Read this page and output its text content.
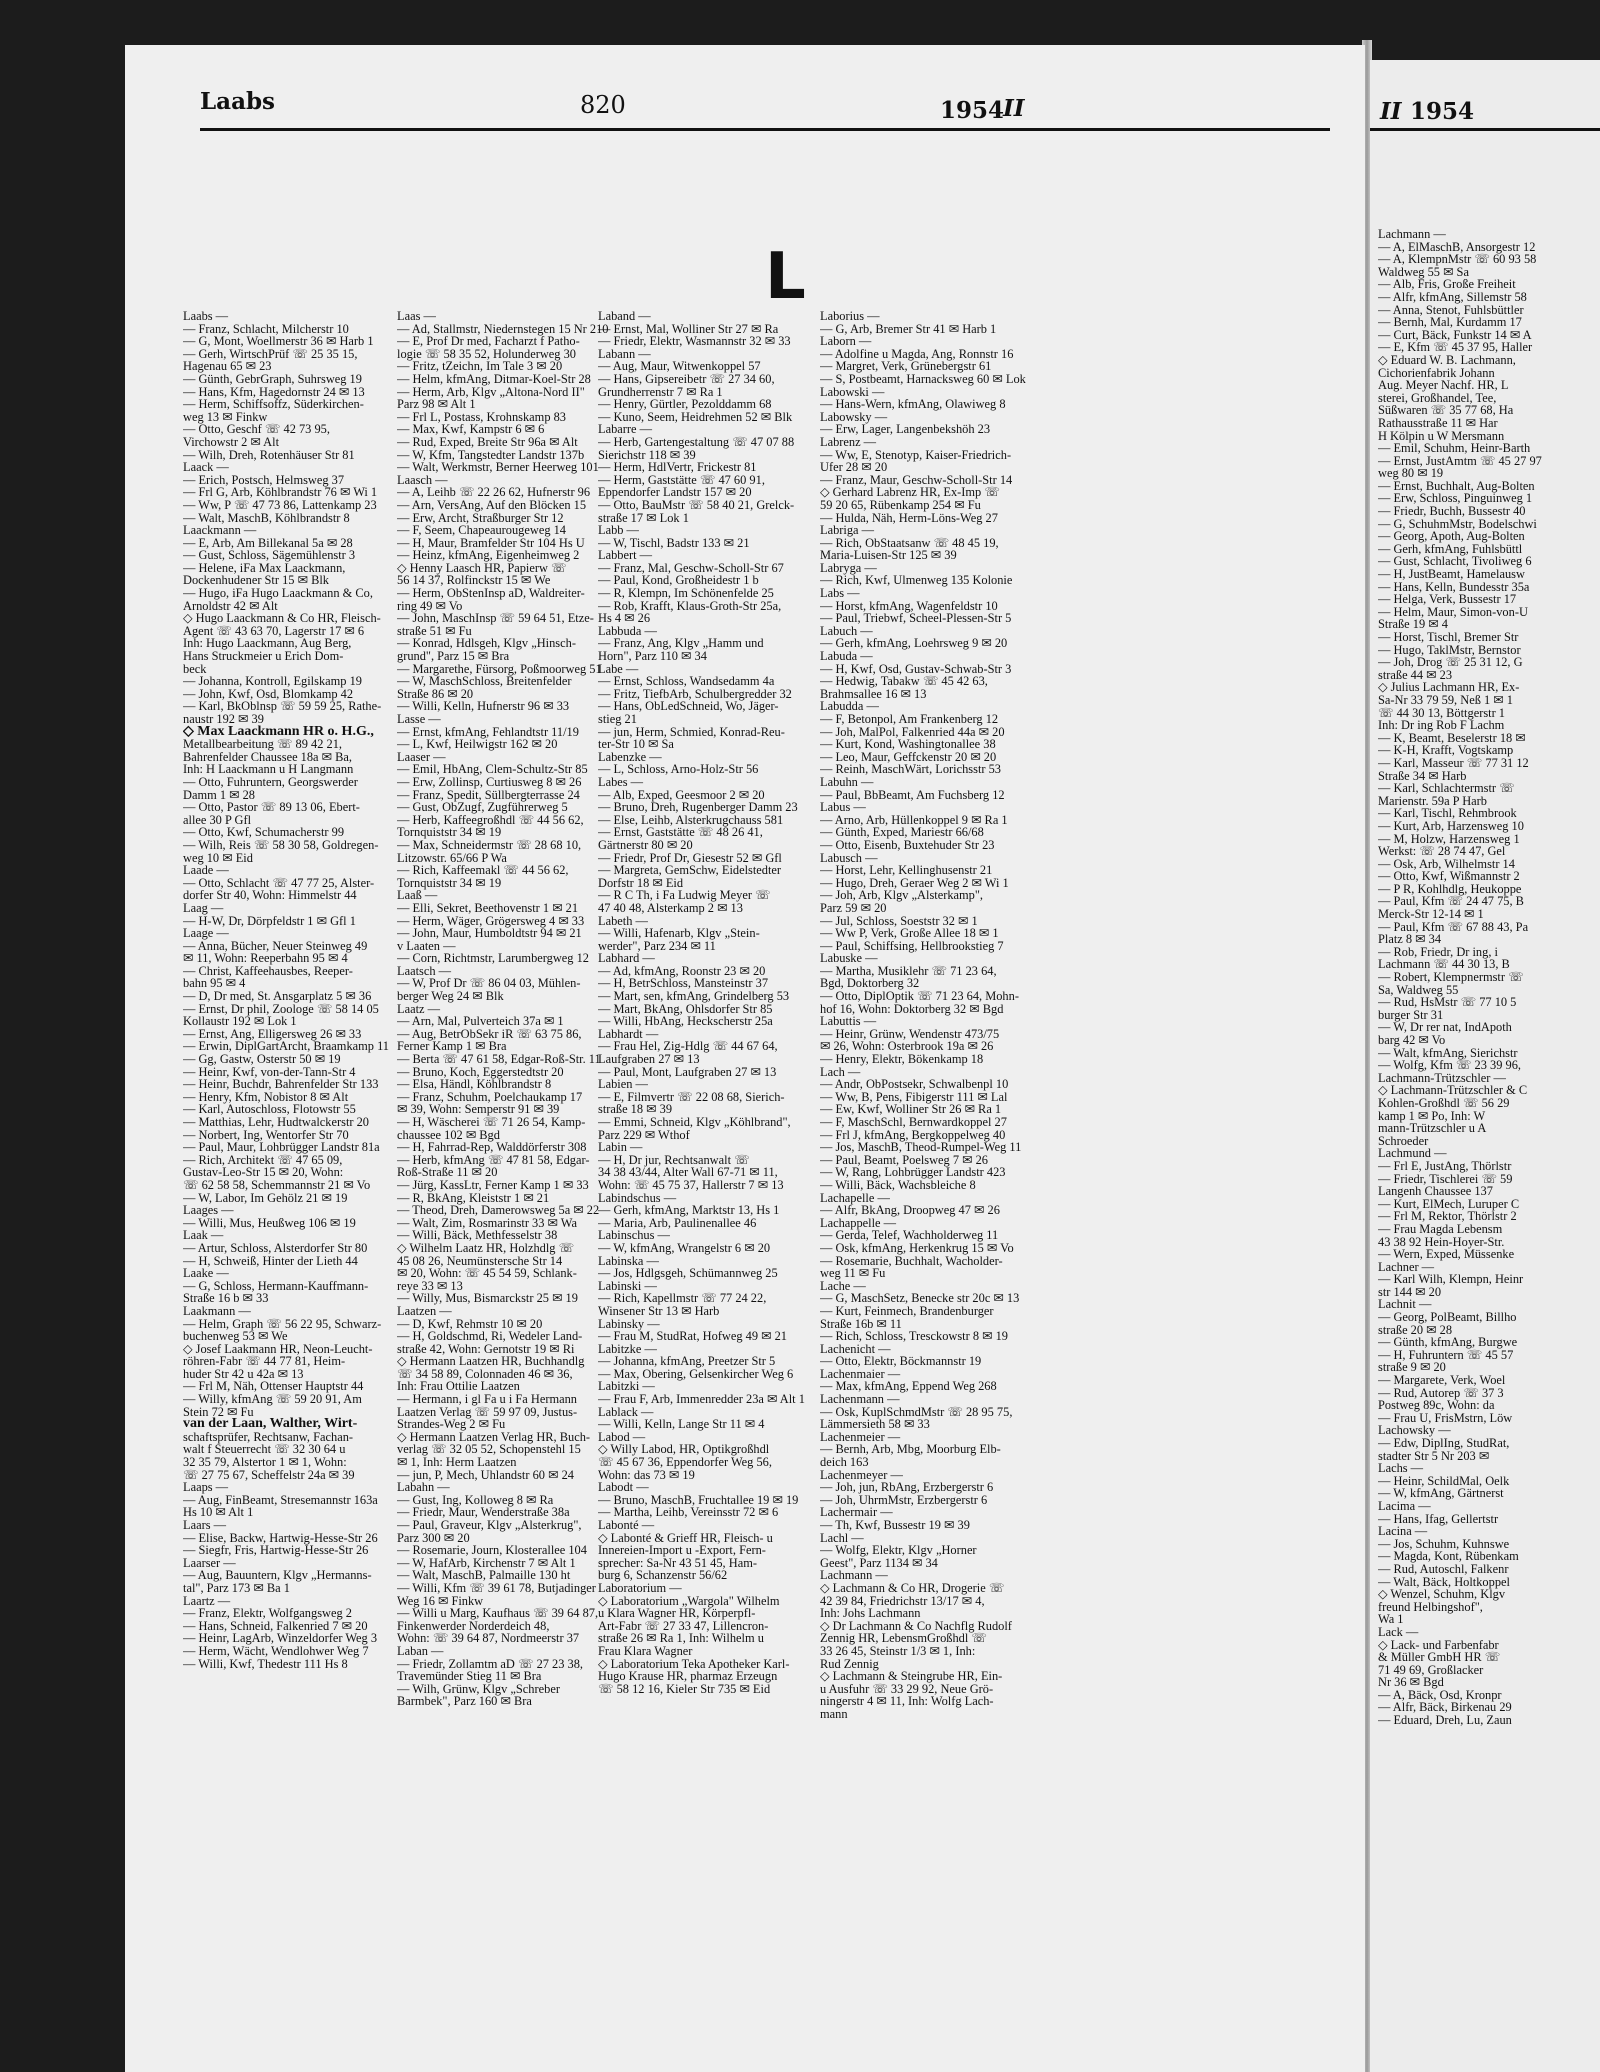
Laabs	820	1954
II
L

Laabs —

— Franz, Schlacht, Milcherstr 10

— G, Mont, Woellmerstr 36 ✉ Harb 1

— Gerh, WirtschPrüf ☏ 25 35 15,

Hagenau 65 ✉ 23

— Günth, GebrGraph, Suhrsweg 19

— Hans, Kfm, Hagedornstr 24 ✉ 13

— Herm, Schiffsoffz, Süderkirchen-

weg 13 ✉ Finkw

— Otto, Geschf ☏ 42 73 95,

Virchowstr 2 ✉ Alt

— Wilh, Dreh, Rotenhäuser Str 81

Laack —

— Erich, Postsch, Helmsweg 37

— Frl G, Arb, Köhlbrandstr 76 ✉ Wi 1

— Ww, P ☏ 47 73 86, Lattenkamp 23

— Walt, MaschB, Köhlbrandstr 8

Laackmann —

— E, Arb, Am Billekanal 5a ✉ 28

— Gust, Schloss, Sägemühlenstr 3

— Helene, iFa Max Laackmann,

Dockenhudener Str 15 ✉ Blk

— Hugo, iFa Hugo Laackmann & Co,

Arnoldstr 42 ✉ Alt

◇ Hugo Laackmann & Co HR, Fleisch-

Agent ☏ 43 63 70, Lagerstr 17 ✉ 6

Inh: Hugo Laackmann, Aug Berg,

Hans Struckmeier u Erich Dom-

beck

— Johanna, Kontroll, Egilskamp 19

— John, Kwf, Osd, Blomkamp 42

— Karl, BkOblnsp ☏ 59 59 25, Rathe-

naustr 192 ✉ 39

◇ Max Laackmann HR o. H.G.,

Metallbearbeitung ☏ 89 42 21,

Bahrenfelder Chaussee 18a ✉ Ba,

Inh: H Laackmann u H Langmann

— Otto, Fuhruntern, Georgswerder

Damm 1 ✉ 28

— Otto, Pastor ☏ 89 13 06, Ebert-

allee 30 P Gfl

— Otto, Kwf, Schumacherstr 99

— Wilh, Reis ☏ 58 30 58, Goldregen-

weg 10 ✉ Eid

Laade —

— Otto, Schlacht ☏ 47 77 25, Alster-

dorfer Str 40, Wohn: Himmelstr 44

Laag —

— H-W, Dr, Dörpfeldstr 1 ✉ Gfl 1

Laage —

— Anna, Bücher, Neuer Steinweg 49

✉ 11, Wohn: Reeperbahn 95 ✉ 4

— Christ, Kaffeehausbes, Reeper-

bahn 95 ✉ 4

— D, Dr med, St. Ansgarplatz 5 ✉ 36

— Ernst, Dr phil, Zoologe ☏ 58 14 05

Kollaustr 192 ✉ Lok 1

— Ernst, Ang, Elligersweg 26 ✉ 33

— Erwin, DiplGartArcht, Braamkamp 11

— Gg, Gastw, Osterstr 50 ✉ 19

— Heinr, Kwf, von-der-Tann-Str 4

— Heinr, Buchdr, Bahrenfelder Str 133

— Henry, Kfm, Nobistor 8 ✉ Alt

— Karl, Autoschloss, Flotowstr 55

— Matthias, Lehr, Hudtwalckerstr 20

— Norbert, Ing, Wentorfer Str 70

— Paul, Maur, Lohbrügger Landstr 81a

— Rich, Architekt ☏ 47 65 09,

Gustav-Leo-Str 15 ✉ 20, Wohn:

☏ 62 58 58, Schemmannstr 21 ✉ Vo

— W, Labor, Im Gehölz 21 ✉ 19

Laages —

— Willi, Mus, Heußweg 106 ✉ 19

Laak —

— Artur, Schloss, Alsterdorfer Str 80

— H, Schweiß, Hinter der Lieth 44

Laake —

— G, Schloss, Hermann-Kauffmann-

Straße 16 b ✉ 33

Laakmann —

— Helm, Graph ☏ 56 22 95, Schwarz-

buchenweg 53 ✉ We

◇ Josef Laakmann HR, Neon-Leucht-

röhren-Fabr ☏ 44 77 81, Heim-

huder Str 42 u 42a ✉ 13

— Frl M, Näh, Ottenser Hauptstr 44

— Willy, kfmAng ☏ 59 20 91, Am

Stein 72 ✉ Fu

van der Laan, Walther, Wirt-

schaftsprüfer, Rechtsanw, Fachan-

walt f Steuerrecht ☏ 32 30 64 u

32 35 79, Alstertor 1 ✉ 1, Wohn:

☏ 27 75 67, Scheffelstr 24a ✉ 39

Laaps —

— Aug, FinBeamt, Stresemannstr 163a

Hs 10 ✉ Alt 1

Laars —

— Elise, Backw, Hartwig-Hesse-Str 26

— Siegfr, Fris, Hartwig-Hesse-Str 26

Laarser —

— Aug, Bauuntern, Klgv „Hermanns-

tal", Parz 173 ✉ Ba 1

Laartz —

— Franz, Elektr, Wolfgangsweg 2

— Hans, Schneid, Falkenried 7 ✉ 20

— Heinr, LagArb, Winzeldorfer Weg 3

— Herm, Wächt, Wendlohwer Weg 7

— Willi, Kwf, Thedestr 111 Hs 8

Laas —

— Ad, Stallmstr, Niedernstegen 15 Nr 210

— E, Prof Dr med, Facharzt f Patho-

logie ☏ 58 35 52, Holunderweg 30

— Fritz, tZeichn, Im Tale 3 ✉ 20

— Helm, kfmAng, Ditmar-Koel-Str 28

— Herm, Arb, Klgv „Altona-Nord II"

Parz 98 ✉ Alt 1

— Frl L, Postass, Krohnskamp 83

— Max, Kwf, Kampstr 6 ✉ 6

— Rud, Exped, Breite Str 96a ✉ Alt

— W, Kfm, Tangstedter Landstr 137b

— Walt, Werkmstr, Berner Heerweg 101

Laasch —

— A, Leihb ☏ 22 26 62, Hufnerstr 96

— Arn, VersAng, Auf den Blöcken 15

— Erw, Archt, Straßburger Str 12

— F, Seem, Chapeaurougeweg 14

— H, Maur, Bramfelder Str 104 Hs U

— Heinz, kfmAng, Eigenheimweg 2

◇ Henny Laasch HR, Papierw ☏

56 14 37, Rolfinckstr 15 ✉ We

— Herm, ObStenInsp aD, Waldreiter-

ring 49 ✉ Vo

— John, MaschInsp ☏ 59 64 51, Etze-

straße 51 ✉ Fu

— Konrad, Hdlsgeh, Klgv „Hinsch-

grund", Parz 15 ✉ Bra

— Margarethe, Fürsorg, Poßmoorweg 51

— W, MaschSchloss, Breitenfelder

Straße 86 ✉ 20

— Willi, Kelln, Hufnerstr 96 ✉ 33

Lasse —

— Ernst, kfmAng, Fehlandtstr 11/19

— L, Kwf, Heilwigstr 162 ✉ 20

Laaser —

— Emil, HbAng, Clem-Schultz-Str 85

— Erw, Zollinsp, Curtiusweg 8 ✉ 26

— Franz, Spedit, Süllbergterrasse 24

— Gust, ObZugf, Zugführerweg 5

— Herb, Kaffeegroßhdl ☏ 44 56 62,

Tornquiststr 34 ✉ 19

— Max, Schneidermstr ☏ 28 68 10,

Litzowstr. 65/66 P Wa

— Rich, Kaffeemakl ☏ 44 56 62,

Tornquiststr 34 ✉ 19

Laaß —

— Elli, Sekret, Beethovenstr 1 ✉ 21

— Herm, Wäger, Grögersweg 4 ✉ 33

— John, Maur, Humboldtstr 94 ✉ 21

v Laaten —

— Corn, Richtmstr, Larumbergweg 12

Laatsch —

— W, Prof Dr ☏ 86 04 03, Mühlen-

berger Weg 24 ✉ Blk

Laatz —

— Arn, Mal, Pulverteich 37a ✉ 1

— Aug, BetrObSekr iR ☏ 63 75 86,

Ferner Kamp 1 ✉ Bra

— Berta ☏ 47 61 58, Edgar-Roß-Str. 11

— Bruno, Koch, Eggerstedtstr 20

— Elsa, Händl, Köhlbrandstr 8

— Franz, Schuhm, Poelchaukamp 17

✉ 39, Wohn: Semperstr 91 ✉ 39

— H, Wäscherei ☏ 71 26 54, Kamp-

chaussee 102 ✉ Bgd

— H, Fahrrad-Rep, Walddörferstr 308

— Herb, kfmAng ☏ 47 81 58, Edgar-

Roß-Straße 11 ✉ 20

— Jürg, KassLtr, Ferner Kamp 1 ✉ 33

— R, BkAng, Kleiststr 1 ✉ 21

— Theod, Dreh, Damerowsweg 5a ✉ 22

— Walt, Zim, Rosmarinstr 33 ✉ Wa

— Willi, Bäck, Methfesselstr 38

◇ Wilhelm Laatz HR, Holzhdlg ☏

45 08 26, Neumünstersche Str 14

✉ 20, Wohn: ☏ 45 54 59, Schlank-

reye 33 ✉ 13

— Willy, Mus, Bismarckstr 25 ✉ 19

Laatzen —

— D, Kwf, Rehmstr 10 ✉ 20

— H, Goldschmd, Ri, Wedeler Land-

straße 42, Wohn: Gernotstr 19 ✉ Ri

◇ Hermann Laatzen HR, Buchhandlg

☏ 34 58 89, Colonnaden 46 ✉ 36,

Inh: Frau Ottilie Laatzen

— Hermann, i gl Fa u i Fa Hermann

Laatzen Verlag ☏ 59 97 09, Justus-

Strandes-Weg 2 ✉ Fu

◇ Hermann Laatzen Verlag HR, Buch-

verlag ☏ 32 05 52, Schopenstehl 15

✉ 1, Inh: Herm Laatzen

— jun, P, Mech, Uhlandstr 60 ✉ 24

Labahn —

— Gust, Ing, Kolloweg 8 ✉ Ra

— Friedr, Maur, Wenderstraße 38a

— Paul, Graveur, Klgv „Alsterkrug",

Parz 300 ✉ 20

— Rosemarie, Journ, Klosterallee 104

— W, HafArb, Kirchenstr 7 ✉ Alt 1

— Walt, MaschB, Palmaille 130 ht

— Willi, Kfm ☏ 39 61 78, Butjadinger

Weg 16 ✉ Finkw

— Willi u Marg, Kaufhaus ☏ 39 64 87,

Finkenwerder Norderdeich 48,

Wohn: ☏ 39 64 87, Nordmeerstr 37

Laban —

— Friedr, Zollamtm aD ☏ 27 23 38,

Travemünder Stieg 11 ✉ Bra

— Wilh, Grünw, Klgv „Schreber

Barmbek", Parz 160 ✉ Bra

Laband —

— Ernst, Mal, Wolliner Str 27 ✉ Ra

— Friedr, Elektr, Wasmannstr 32 ✉ 33

Labann —

— Aug, Maur, Witwenkoppel 57

— Hans, Gipsereibetr ☏ 27 34 60,

Grundherrenstr 7 ✉ Ra 1

— Henry, Gürtler, Pezolddamm 68

— Kuno, Seem, Heidrehmen 52 ✉ Blk

Labarre —

— Herb, Gartengestaltung ☏ 47 07 88

Sierichstr 118 ✉ 39

— Herm, HdlVertr, Frickestr 81

— Herm, Gaststätte ☏ 47 60 91,

Eppendorfer Landstr 157 ✉ 20

— Otto, BauMstr ☏ 58 40 21, Grelck-

straße 17 ✉ Lok 1

Labb —

— W, Tischl, Badstr 133 ✉ 21

Labbert —

— Franz, Mal, Geschw-Scholl-Str 67

— Paul, Kond, Großheidestr 1 b

— R, Klempn, Im Schönenfelde 25

— Rob, Krafft, Klaus-Groth-Str 25a,

Hs 4 ✉ 26

Labbuda —

— Franz, Ang, Klgv „Hamm und

Horn", Parz 110 ✉ 34

Labe —

— Ernst, Schloss, Wandsedamm 4a

— Fritz, TiefbArb, Schulbergredder 32

— Hans, ObLedSchneid, Wo, Jäger-

stieg 21

— jun, Herm, Schmied, Konrad-Reu-

ter-Str 10 ✉ Sa

Labenzke —

— L, Schloss, Arno-Holz-Str 56

Labes —

— Alb, Exped, Geesmoor 2 ✉ 20

— Bruno, Dreh, Rugenberger Damm 23

— Else, Leihb, Alsterkrugchauss 581

— Ernst, Gaststätte ☏ 48 26 41,

Gärtnerstr 80 ✉ 20

— Friedr, Prof Dr, Giesestr 52 ✉ Gfl

— Margreta, GemSchw, Eidelstedter

Dorfstr 18 ✉ Eid

— R C Th, i Fa Ludwig Meyer ☏

47 40 48, Alsterkamp 2 ✉ 13

Labeth —

— Willi, Hafenarb, Klgv „Stein-

werder", Parz 234 ✉ 11

Labhard —

— Ad, kfmAng, Roonstr 23 ✉ 20

— H, BetrSchloss, Mansteinstr 37

— Mart, sen, kfmAng, Grindelberg 53

— Mart, BkAng, Ohlsdorfer Str 85

— Willi, HbAng, Heckscherstr 25a

Labhardt —

— Frau Hel, Zig-Hdlg ☏ 44 67 64,

Laufgraben 27 ✉ 13

— Paul, Mont, Laufgraben 27 ✉ 13

Labien —

— E, Filmvertr ☏ 22 08 68, Sierich-

straße 18 ✉ 39

— Emmi, Schneid, Klgv „Köhlbrand",

Parz 229 ✉ Wthof

Labin —

— H, Dr jur, Rechtsanwalt ☏

34 38 43/44, Alter Wall 67-71 ✉ 11,

Wohn: ☏ 45 75 37, Hallerstr 7 ✉ 13

Labindschus —

— Gerh, kfmAng, Marktstr 13, Hs 1

— Maria, Arb, Paulinenallee 46

Labinschus —

— W, kfmAng, Wrangelstr 6 ✉ 20

Labinska —

— Jos, Hdlgsgeh, Schümannweg 25

Labinski —

— Rich, Kapellmstr ☏ 77 24 22,

Winsener Str 13 ✉ Harb

Labinsky —

— Frau M, StudRat, Hofweg 49 ✉ 21

Labitzke —

— Johanna, kfmAng, Preetzer Str 5

— Max, Obering, Gelsenkircher Weg 6

Labitzki —

— Frau F, Arb, Immenredder 23a ✉ Alt 1

Lablack —

— Willi, Kelln, Lange Str 11 ✉ 4

Labod —

◇ Willy Labod, HR, Optikgroßhdl

☏ 45 67 36, Eppendorfer Weg 56,

Wohn: das 73 ✉ 19

Labodt —

— Bruno, MaschB, Fruchtallee 19 ✉ 19

— Martha, Leihb, Vereinsstr 72 ✉ 6

Labonté —

◇ Labonté & Grieff HR, Fleisch- u

Innereien-Import u -Export, Fern-

sprecher: Sa-Nr 43 51 45, Ham-

burg 6, Schanzenstr 56/62

Laboratorium —

◇ Laboratorium „Wargola" Wilhelm

u Klara Wagner HR, Körperpfl-

Art-Fabr ☏ 27 33 47, Lillencron-

straße 26 ✉ Ra 1, Inh: Wilhelm u

Frau Klara Wagner

◇ Laboratorium Teka Apotheker Karl-

Hugo Krause HR, pharmaz Erzeugn

☏ 58 12 16, Kieler Str 735 ✉ Eid

Laborius —

— G, Arb, Bremer Str 41 ✉ Harb 1

Laborn —

— Adolfine u Magda, Ang, Ronnstr 16

— Margret, Verk, Grünebergstr 61

— S, Postbeamt, Harnacksweg 60 ✉ Lok

Labowski —

— Hans-Wern, kfmAng, Olawiweg 8

Labowsky —

— Erw, Lager, Langenbekshöh 23

Labrenz —

— Ww, E, Stenotyp, Kaiser-Friedrich-

Ufer 28 ✉ 20

— Franz, Maur, Geschw-Scholl-Str 14

◇ Gerhard Labrenz HR, Ex-Imp ☏

59 20 65, Rübenkamp 254 ✉ Fu

— Hulda, Näh, Herm-Löns-Weg 27

Labriga —

— Rich, ObStaatsanw ☏ 48 45 19,

Maria-Luisen-Str 125 ✉ 39

Labryga —

— Rich, Kwf, Ulmenweg 135 Kolonie

Labs —

— Horst, kfmAng, Wagenfeldstr 10

— Paul, Triebwf, Scheel-Plessen-Str 5

Labuch —

— Gerh, kfmAng, Loehrsweg 9 ✉ 20

Labuda —

— H, Kwf, Osd, Gustav-Schwab-Str 3

— Hedwig, Tabakw ☏ 45 42 63,

Brahmsallee 16 ✉ 13

Labudda —

— F, Betonpol, Am Frankenberg 12

— Joh, MalPol, Falkenried 44a ✉ 20

— Kurt, Kond, Washingtonallee 38

— Leo, Maur, Geffckenstr 20 ✉ 20

— Reinh, MaschWärt, Lorichsstr 53

Labuhn —

— Paul, BbBeamt, Am Fuchsberg 12

Labus —

— Arno, Arb, Hüllenkoppel 9 ✉ Ra 1

— Günth, Exped, Mariestr 66/68

— Otto, Eisenb, Buxtehuder Str 23

Labusch —

— Horst, Lehr, Kellinghusenstr 21

— Hugo, Dreh, Geraer Weg 2 ✉ Wi 1

— Joh, Arb, Klgv „Alsterkamp",

Parz 59 ✉ 20

— Jul, Schloss, Soeststr 32 ✉ 1

— Ww P, Verk, Große Allee 18 ✉ 1

— Paul, Schiffsing, Hellbrookstieg 7

Labuske —

— Martha, Musiklehr ☏ 71 23 64,

Bgd, Doktorberg 32

— Otto, DiplOptik ☏ 71 23 64, Mohn-

hof 16, Wohn: Doktorberg 32 ✉ Bgd

Labuttis —

— Heinr, Grünw, Wendenstr 473/75

✉ 26, Wohn: Osterbrook 19a ✉ 26

— Henry, Elektr, Bökenkamp 18

Lach —

— Andr, ObPostsekr, Schwalbenpl 10

— Ww, B, Pens, Fibigerstr 111 ✉ Lal

— Ew, Kwf, Wolliner Str 26 ✉ Ra 1

— F, MaschSchl, Bernwardkoppel 27

— Frl J, kfmAng, Bergkoppelweg 40

— Jos, MaschB, Theod-Rumpel-Weg 11

— Paul, Beamt, Poelsweg 7 ✉ 26

— W, Rang, Lohbrügger Landstr 423

— Willi, Bäck, Wachsbleiche 8

Lachapelle —

— Alfr, BkAng, Droopweg 47 ✉ 26

Lachappelle —

— Gerda, Telef, Wachholderweg 11

— Osk, kfmAng, Herkenkrug 15 ✉ Vo

— Rosemarie, Buchhalt, Wacholder-

weg 11 ✉ Fu

Lache —

— G, MaschSetz, Benecke str 20c ✉ 13

— Kurt, Feinmech, Brandenburger

Straße 16b ✉ 11

— Rich, Schloss, Tresckowstr 8 ✉ 19

Lachenicht —

— Otto, Elektr, Böckmannstr 19

Lachenmaier —

— Max, kfmAng, Eppend Weg 268

Lachenmann —

— Osk, KuplSchmdMstr ☏ 28 95 75,

Lämmersieth 58 ✉ 33

Lachenmeier —

— Bernh, Arb, Mbg, Moorburg Elb-

deich 163

Lachenmeyer —

— Joh, jun, RbAng, Erzbergerstr 6

— Joh, UhrmMstr, Erzbergerstr 6

Lachermair —

— Th, Kwf, Bussestr 19 ✉ 39

Lachl —

— Wolfg, Elektr, Klgv „Horner

Geest", Parz 1134 ✉ 34

Lachmann —

◇ Lachmann & Co HR, Drogerie ☏

42 39 84, Friedrichstr 13/17 ✉ 4,

Inh: Johs Lachmann

◇ Dr Lachmann & Co Nachflg Rudolf

Zennig HR, LebensmGroßhdl ☏

33 26 45, Steinstr 1/3 ✉ 1, Inh:

Rud Zennig

◇ Lachmann & Steingrube HR, Ein-

u Ausfuhr ☏ 33 29 92, Neue Grö-

ningerstr 4 ✉ 11, Inh: Wolfg Lach-

mann

II 1954

Lachmann —

— A, ElMaschB, Ansorgestr 12

— A, KlempnMstr ☏ 60 93 58

Waldweg 55 ✉ Sa

— Alb, Fris, Große Freiheit

— Alfr, kfmAng, Sillemstr 58

— Anna, Stenot, Fuhlsbüttler

— Bernh, Mal, Kurdamm 17

— Curt, Bäck, Funkstr 14 ✉ A

— E, Kfm ☏ 45 37 95, Haller

◇ Eduard W. B. Lachmann,

Cichorienfabrik Johann

Aug. Meyer Nachf. HR, L

sterei, Großhandel, Tee,

Süßwaren ☏ 35 77 68, Ha

Rathausstraße 11 ✉ Har

H Kölpin u W Mersmann

— Emil, Schuhm, Heinr-Barth

— Ernst, JustAmtm ☏ 45 27 97

weg 80 ✉ 19

— Ernst, Buchhalt, Aug-Bolten

— Erw, Schloss, Pinguinweg 1

— Friedr, Buchh, Bussestr 40

— G, SchuhmMstr, Bodelschwi

— Georg, Apoth, Aug-Bolten

— Gerh, kfmAng, Fuhlsbüttl

— Gust, Schlacht, Tivoliweg 6

— H, JustBeamt, Hamelausw

— Hans, Kelln, Bundesstr 35a

— Helga, Verk, Bussestr 17

— Helm, Maur, Simon-von-U

Straße 19 ✉ 4

— Horst, Tischl, Bremer Str

— Hugo, TaklMstr, Bernstor

— Joh, Drog ☏ 25 31 12, G

straße 44 ✉ 23

◇ Julius Lachmann HR, Ex-

Sa-Nr 33 79 59, Neß 1 ✉ 1

☏ 44 30 13, Böttgerstr 1

Inh: Dr ing Rob F Lachm

— K, Beamt, Beselerstr 18 ✉

— K-H, Krafft, Vogtskamp

— Karl, Masseur ☏ 77 31 12

Straße 34 ✉ Harb

— Karl, Schlachtermstr ☏

Marienstr. 59a P Harb

— Karl, Tischl, Rehmbrook

— Kurt, Arb, Harzensweg 10

— M, Holzw, Harzensweg 1

Werkst: ☏ 28 74 47, Gel

— Osk, Arb, Wilhelmstr 14

— Otto, Kwf, Wißmannstr 2

— P R, Kohlhdlg, Heukoppe

— Paul, Kfm ☏ 24 47 75, B

Merck-Str 12-14 ✉ 1

— Paul, Kfm ☏ 67 88 43, Pa

Platz 8 ✉ 34

— Rob, Friedr, Dr ing, i

Lachmann ☏ 44 30 13, B

— Robert, Klempnermstr ☏

Sa, Waldweg 55

— Rud, HsMstr ☏ 77 10 5

burger Str 31

— W, Dr rer nat, IndApoth

barg 42 ✉ Vo

— Walt, kfmAng, Sierichstr

— Wolfg, Kfm ☏ 23 39 96,

Lachmann-Trützschler —

◇ Lachmann-Trützschler & C

Kohlen-Großhdl ☏ 56 29

kamp 1 ✉ Po, Inh: W

mann-Trützschler u A

Schroeder

Lachmund —

— Frl E, JustAng, Thörlstr

— Friedr, Tischlerei ☏ 59

Langenh Chaussee 137

— Kurt, ElMech, Luruper C

— Frl M, Rektor, Thörlstr 2

— Frau Magda Lebensm

43 38 92 Hein-Hoyer-Str.

— Wern, Exped, Müssenke

Lachner —

— Karl Wilh, Klempn, Heinr

str 144 ✉ 20

Lachnit —

— Georg, PolBeamt, Billho

straße 20 ✉ 28

— Günth, kfmAng, Burgwe

— H, Fuhruntern ☏ 45 57

straße 9 ✉ 20

— Margarete, Verk, Woel

— Rud, Autorep ☏ 37 3

Postweg 89c, Wohn: da

— Frau U, FrisMstrn, Löw

Lachowsky —

— Edw, DiplIng, StudRat,

stadter Str 5 Nr 203 ✉

Lachs —

— Heinr, SchildMal, Oelk

— W, kfmAng, Gärtnerst

Lacima —

— Hans, Ifag, Gellertstr

Lacina —

— Jos, Schuhm, Kuhnswe

— Magda, Kont, Rübenkam

— Rud, Autoschl, Falkenr

— Walt, Bäck, Holtkoppel

◇ Wenzel, Schuhm, Klgv

freund Helbingshof",

Wa 1

Lack —

◇ Lack- und Farbenfabr

& Müller GmbH HR ☏

71 49 69, Großlacker

Nr 36 ✉ Bgd

— A, Bäck, Osd, Kronpr

— Alfr, Bäck, Birkenau 29

— Eduard, Dreh, Lu, Zaun
